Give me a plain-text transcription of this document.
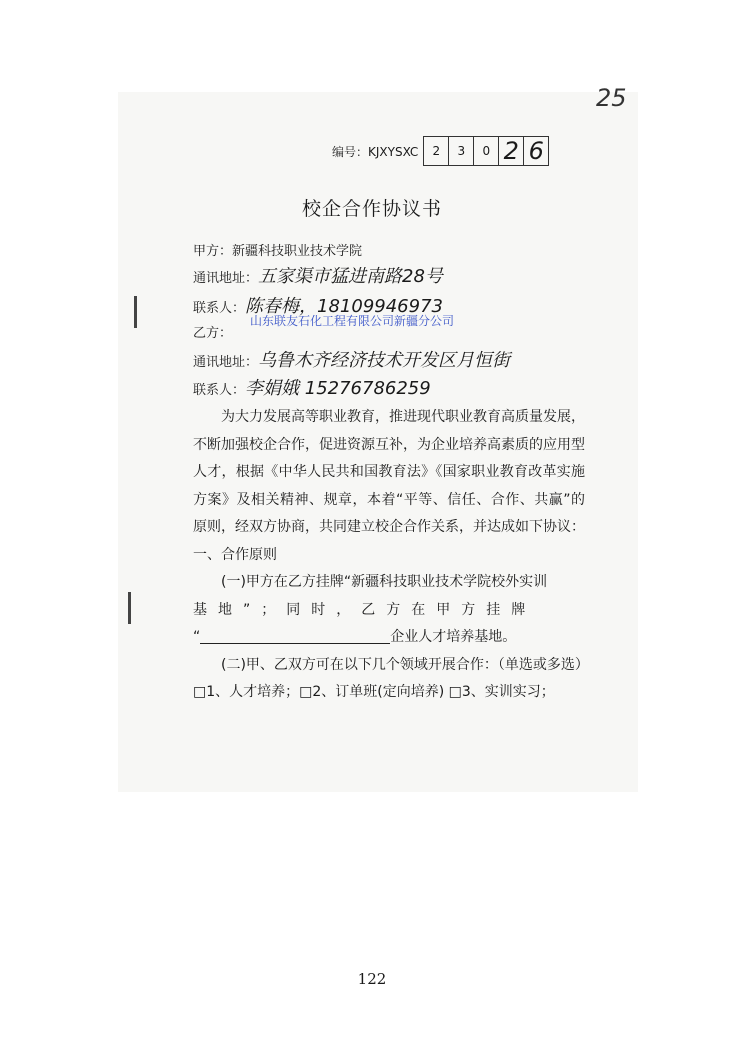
25
编号：KJXYSXC	2	3	0 2 6
校企合作协议书
甲方：新疆科技职业技术学院
通讯地址：五家渠市猛进南路28号
联系人：陈春梅，18109946973
山东联友石化工程有限公司新疆分公司
乙方：
通讯地址：乌鲁木齐经济技术开发区月恒街
联系人：李娟娥 15276786259

为大力发展高等职业教育，推进现代职业教育高质量发展，不断加强校企合作，促进资源互补，为企业培养高素质的应用型人才，根据《中华人民共和国教育法》《国家职业教育改革实施方案》及相关精神、规章，本着“平等、信任、合作、共赢”的原则，经双方协商，共同建立校企合作关系，并达成如下协议：

一、合作原则

(一)甲方在乙方挂牌“新疆科技职业技术学院校外实训

基地”；同时，乙方在甲方挂牌

“	企业人才培养基地。

(二)甲、乙双方可在以下几个领域开展合作：（单选或多选）

□1、人才培养；□2、订单班(定向培养) □3、实训实习；

122
